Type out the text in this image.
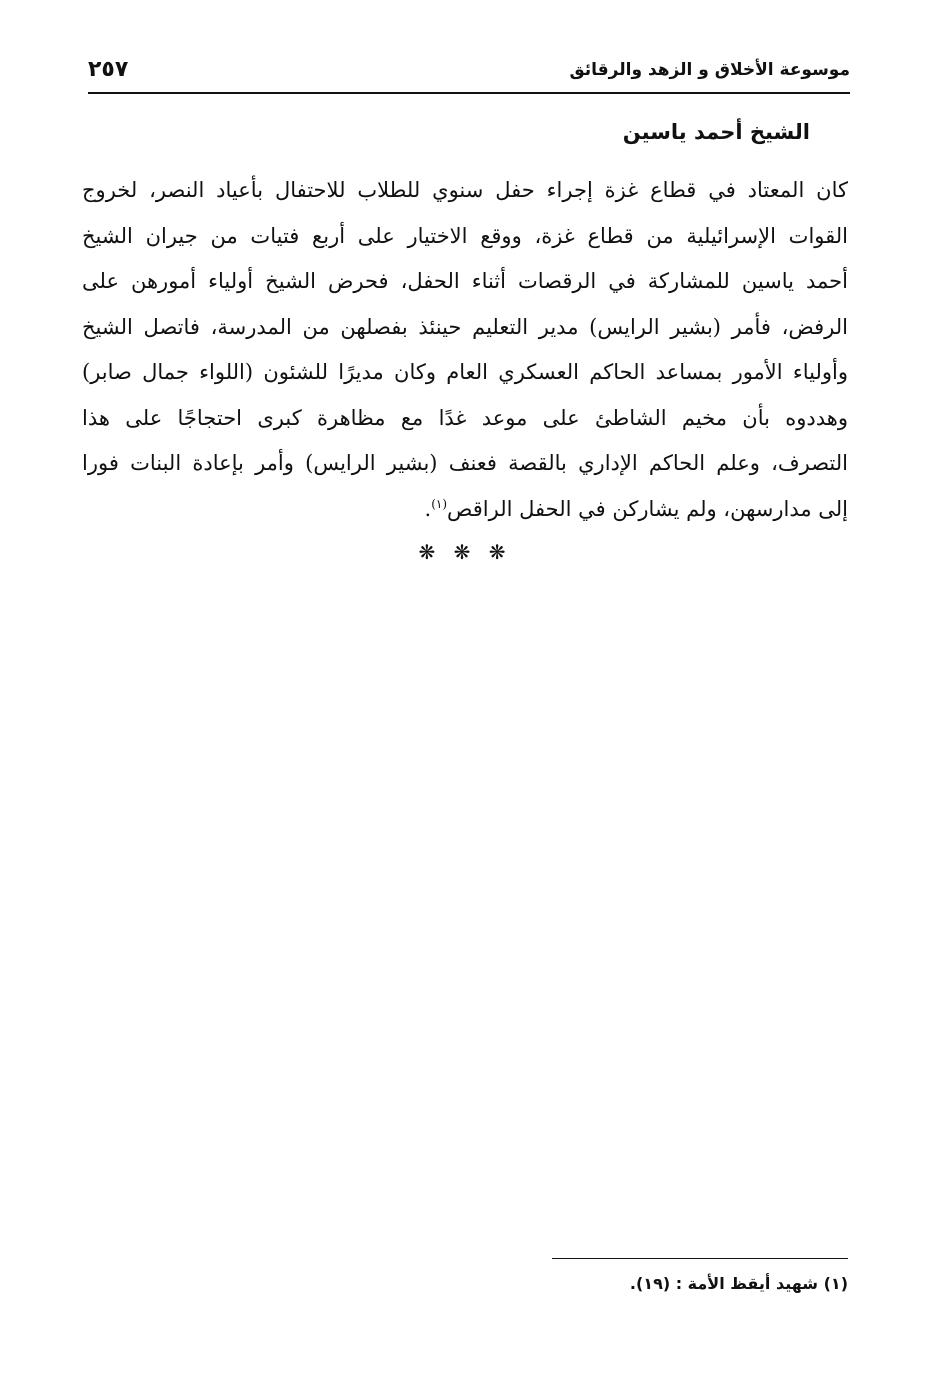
موسوعة الأخلاق و الزهد والرقائق
٢٥٧
الشيخ أحمد ياسين
كان المعتاد في قطاع غزة إجراء حفل سنوي للطلاب للاحتفال بأعياد النصر، لخروج
القوات الإسرائيلية من قطاع غزة، ووقع الاختيار على أربع فتيات من جيران الشيخ
أحمد ياسين للمشاركة في الرقصات أثناء الحفل، فحرض الشيخ أولياء أمورهن على
الرفض، فأمر (بشير الرايس) مدير التعليم حينئذ بفصلهن من المدرسة، فاتصل الشيخ
وأولياء الأمور بمساعد الحاكم العسكري العام وكان مديرًا للشئون (اللواء جمال صابر)
وهددوه بأن مخيم الشاطئ على موعد غدًا مع مظاهرة كبرى احتجاجًا على هذا
التصرف، وعلم الحاكم الإداري بالقصة فعنف (بشير الرايس) وأمر بإعادة البنات فورا
إلى مدارسهن، ولم يشاركن في الحفل الراقص$^{(١)}$.
❋ ❋ ❋
(١) شهيد أيقظ الأمة : (١٩).
